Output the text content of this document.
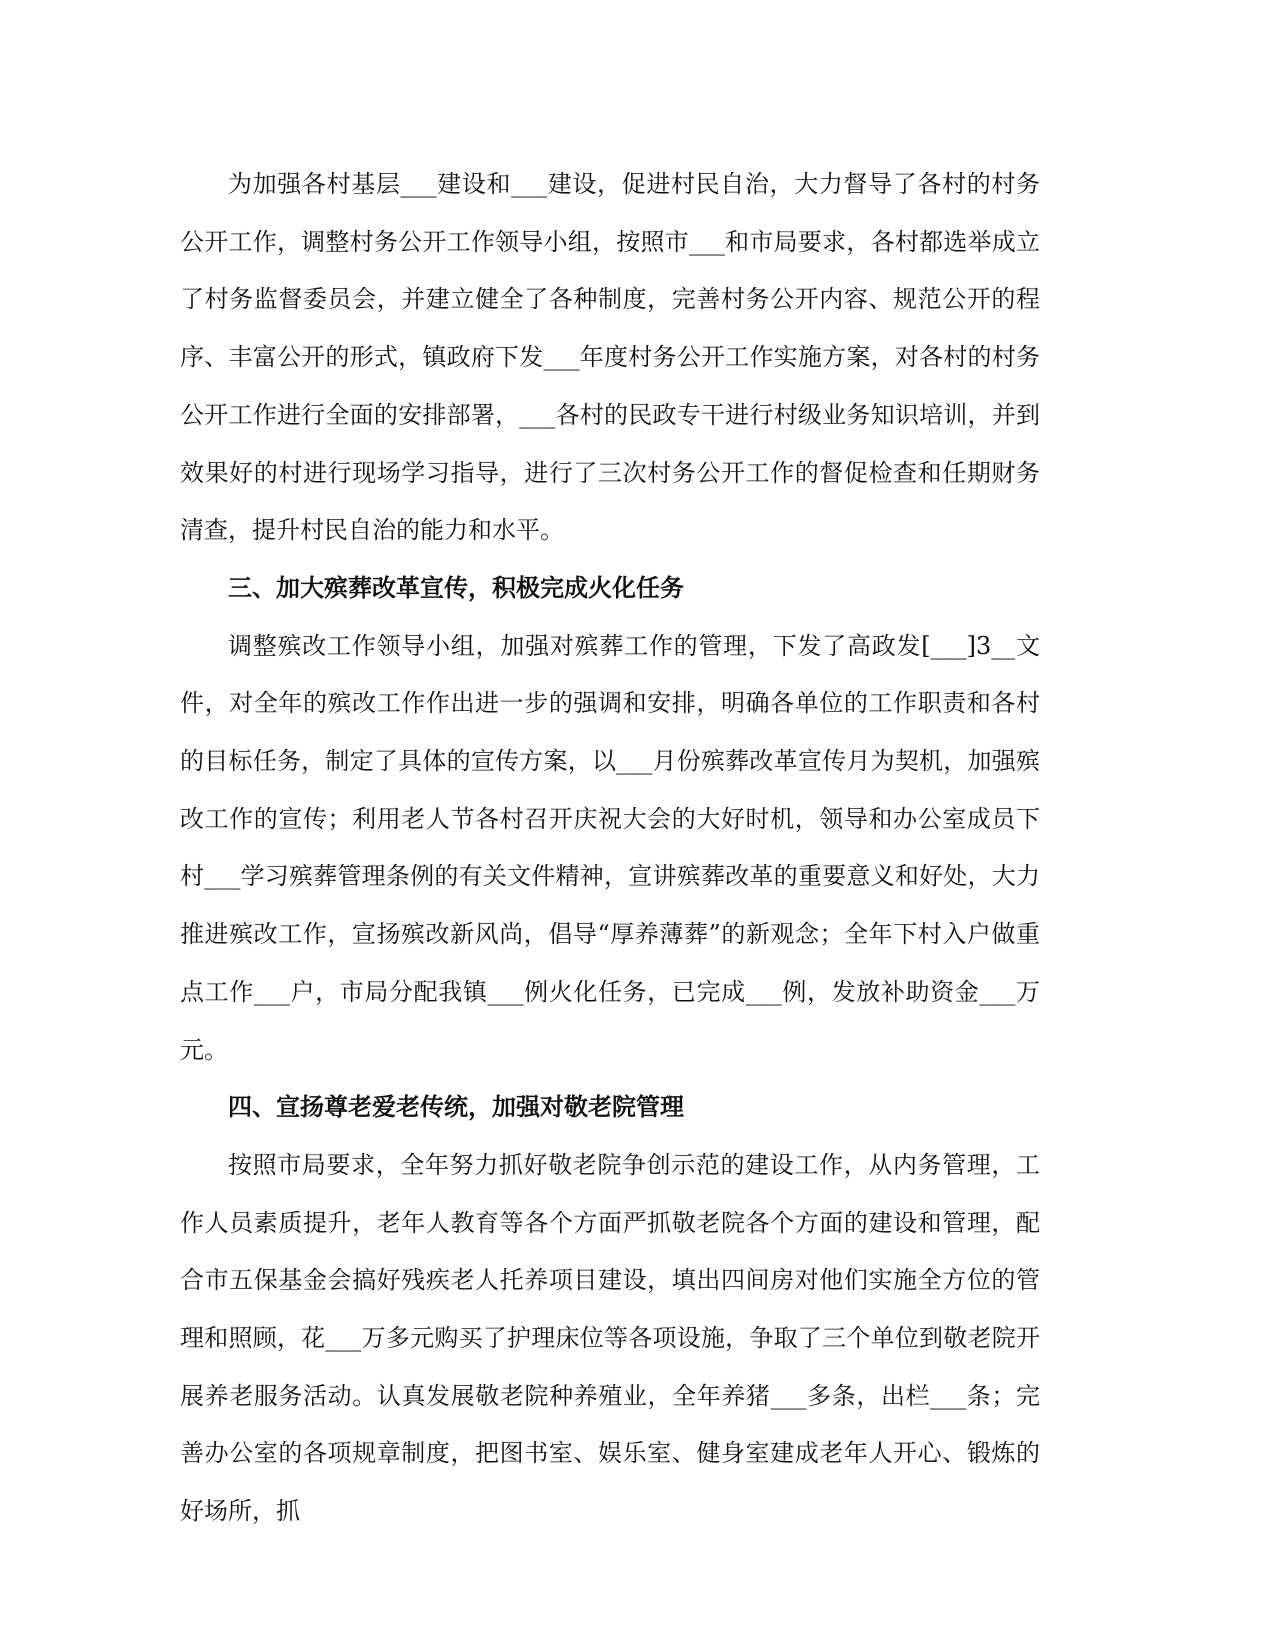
为加强各村基层___建设和___建设，促进村民自治，大力督导了各村的村务公开工作，调整村务公开工作领导小组，按照市___和市局要求，各村都选举成立了村务监督委员会，并建立健全了各种制度，完善村务公开内容、规范公开的程序、丰富公开的形式，镇政府下发___年度村务公开工作实施方案，对各村的村务公开工作进行全面的安排部署，___各村的民政专干进行村级业务知识培训，并到效果好的村进行现场学习指导，进行了三次村务公开工作的督促检查和任期财务清查，提升村民自治的能力和水平。

三、加大殡葬改革宣传，积极完成火化任务

调整殡改工作领导小组，加强对殡葬工作的管理，下发了高政发[___]3__文件，对全年的殡改工作作出进一步的强调和安排，明确各单位的工作职责和各村的目标任务，制定了具体的宣传方案，以___月份殡葬改革宣传月为契机，加强殡改工作的宣传；利用老人节各村召开庆祝大会的大好时机，领导和办公室成员下村___学习殡葬管理条例的有关文件精神，宣讲殡葬改革的重要意义和好处，大力推进殡改工作，宣扬殡改新风尚，倡导“厚养薄葬”的新观念；全年下村入户做重点工作___户，市局分配我镇___例火化任务，已完成___例，发放补助资金___万元。

四、宣扬尊老爱老传统，加强对敬老院管理

按照市局要求，全年努力抓好敬老院争创示范的建设工作，从内务管理，工作人员素质提升，老年人教育等各个方面严抓敬老院各个方面的建设和管理，配合市五保基金会搞好残疾老人托养项目建设，填出四间房对他们实施全方位的管理和照顾，花___万多元购买了护理床位等各项设施，争取了三个单位到敬老院开展养老服务活动。认真发展敬老院种养殖业，全年养猪___多条，出栏___条；完善办公室的各项规章制度，把图书室、娱乐室、健身室建成老年人开心、锻炼的好场所，抓
